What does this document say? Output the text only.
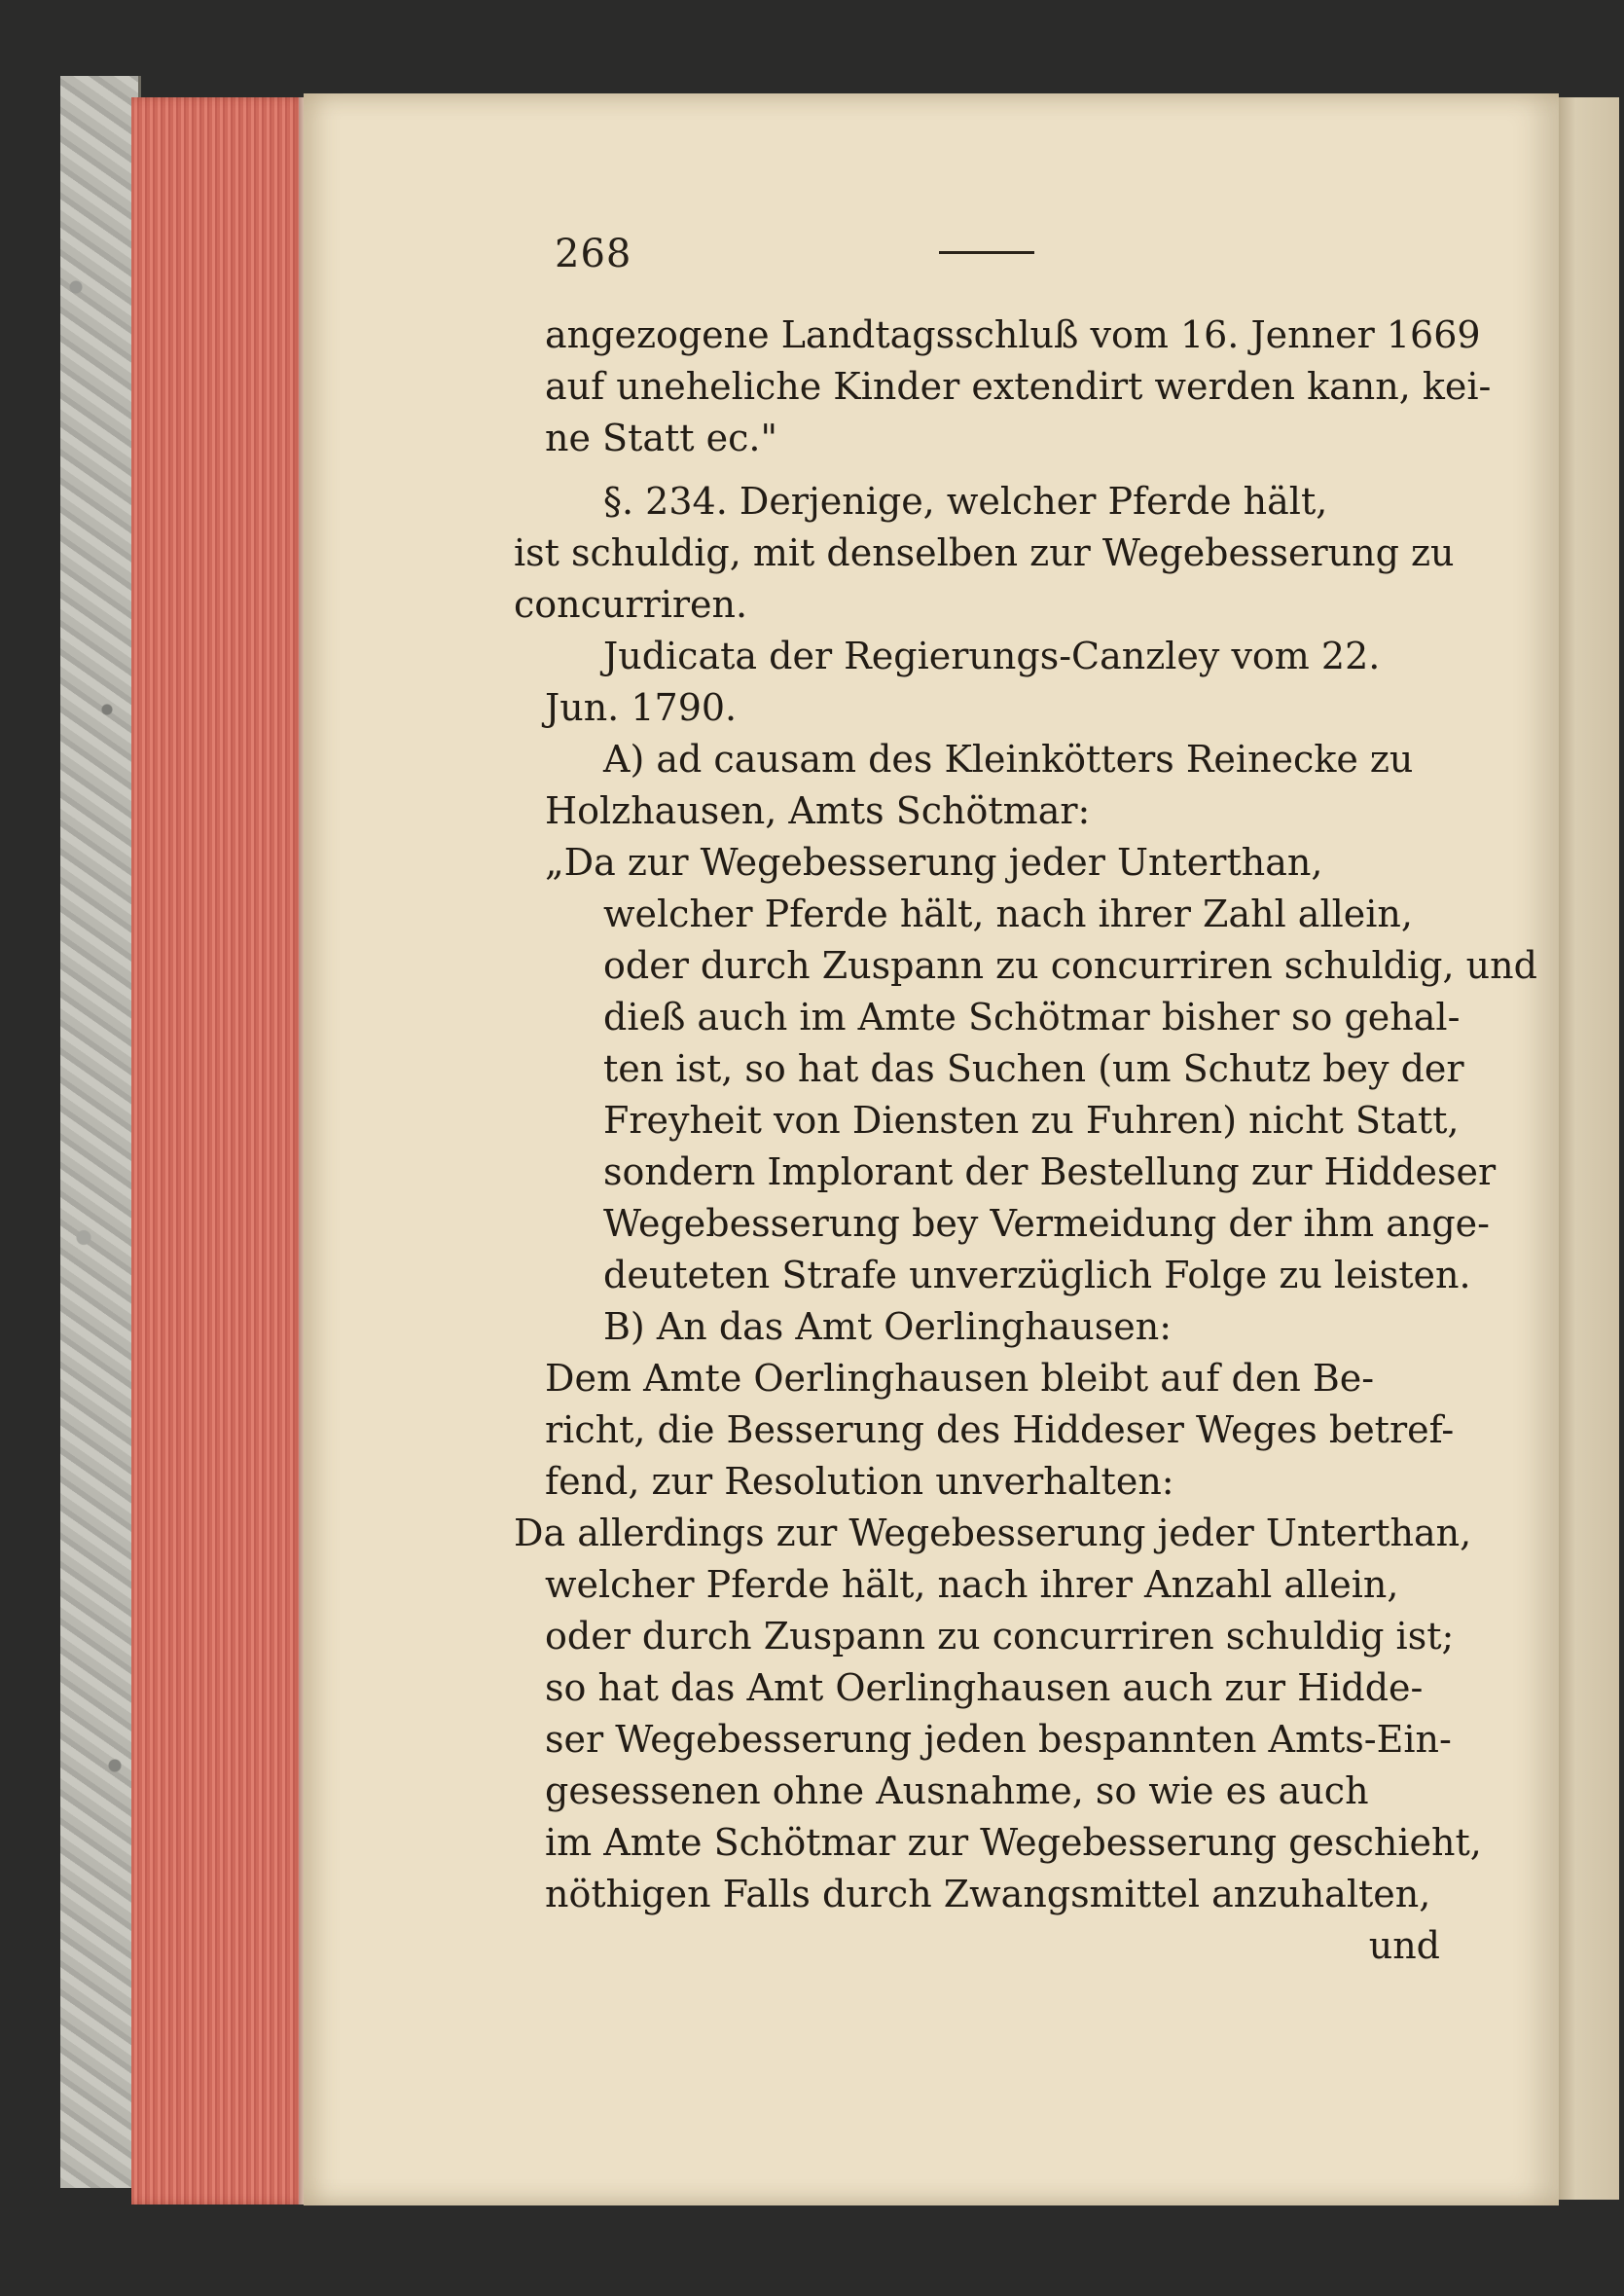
268
angezogene Landtagsschluß vom 16. Jenner 1669
auf uneheliche Kinder extendirt werden kann, kei-
ne Statt ec."
§. 234. Derjenige, welcher Pferde hält,
ist schuldig, mit denselben zur Wegebesserung zu
concurriren.
Judicata der Regierungs-Canzley vom 22.
Jun. 1790.
A) ad causam des Kleinkötters Reinecke zu
Holzhausen, Amts Schötmar:
„Da zur Wegebesserung jeder Unterthan,
welcher Pferde hält, nach ihrer Zahl allein,
oder durch Zuspann zu concurriren schuldig, und
dieß auch im Amte Schötmar bisher so gehal-
ten ist, so hat das Suchen (um Schutz bey der
Freyheit von Diensten zu Fuhren) nicht Statt,
sondern Implorant der Bestellung zur Hiddeser
Wegebesserung bey Vermeidung der ihm ange-
deuteten Strafe unverzüglich Folge zu leisten.
B) An das Amt Oerlinghausen:
Dem Amte Oerlinghausen bleibt auf den Be-
richt, die Besserung des Hiddeser Weges betref-
fend, zur Resolution unverhalten:
Da allerdings zur Wegebesserung jeder Unterthan,
welcher Pferde hält, nach ihrer Anzahl allein,
oder durch Zuspann zu concurriren schuldig ist;
so hat das Amt Oerlinghausen auch zur Hidde-
ser Wegebesserung jeden bespannten Amts-Ein-
gesessenen ohne Ausnahme, so wie es auch
im Amte Schötmar zur Wegebesserung geschieht,
nöthigen Falls durch Zwangsmittel anzuhalten,
und
